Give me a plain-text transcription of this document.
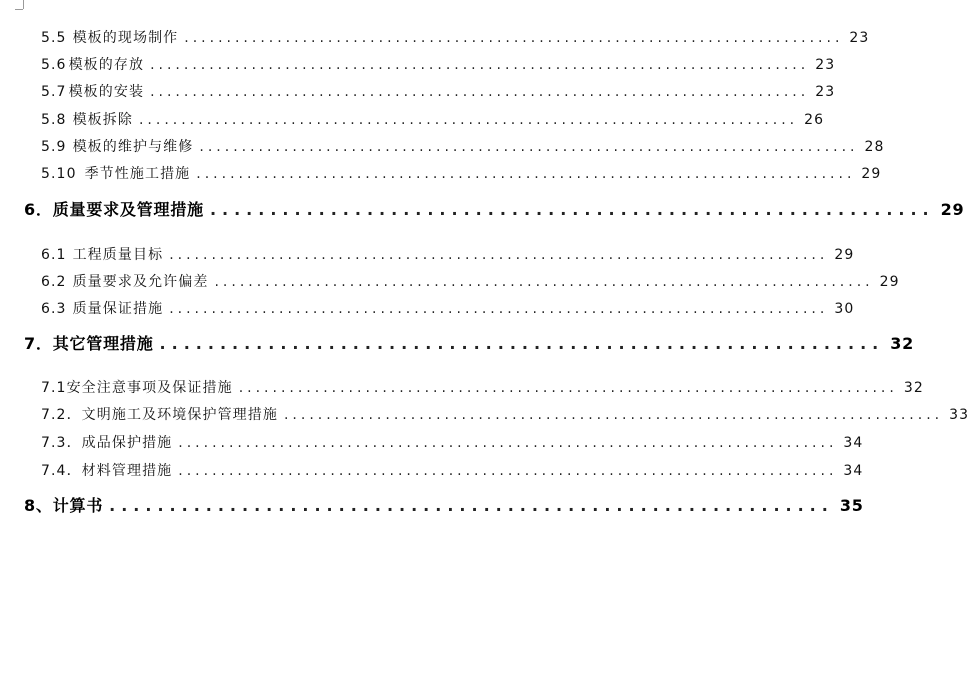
5.5 模板的现场制作 .............................................................................. 23
5.6 模板的存放 .............................................................................. 23
5.7 模板的安装 .............................................................................. 23
5.8 模板拆除 .............................................................................. 26
5.9 模板的维护与维修 .............................................................................. 28
5.10 季节性施工措施 .............................................................................. 29
6． 质量要求及管理措施 ............................................................ 29
6.1 工程质量目标 .............................................................................. 29
6.2 质量要求及允许偏差 .............................................................................. 29
6.3 质量保证措施 .............................................................................. 30
7． 其它管理措施 ............................................................ 32
7.1 安全注意事项及保证措施 .............................................................................. 32
7.2． 文明施工及环境保护管理措施 .............................................................................. 33
7.3． 成品保护措施 .............................................................................. 34
7.4． 材料管理措施 .............................................................................. 34
8、 计算书 ............................................................ 35
